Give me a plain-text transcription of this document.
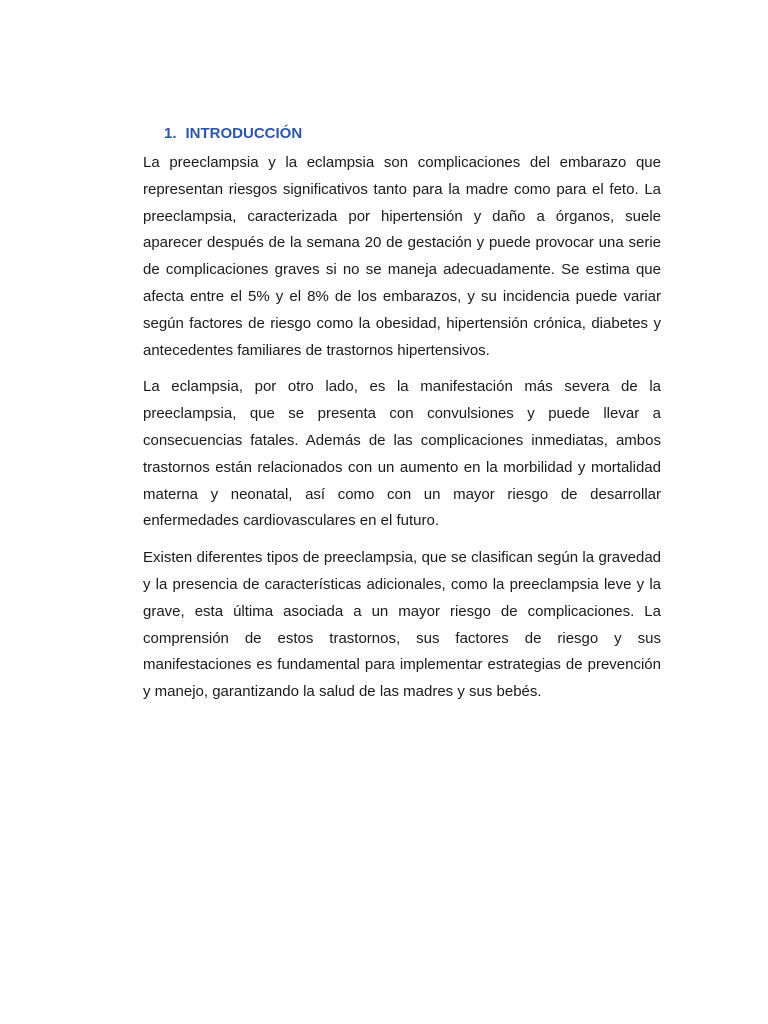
1. INTRODUCCIÓN

La preeclampsia y la eclampsia son complicaciones del embarazo que representan riesgos significativos tanto para la madre como para el feto. La preeclampsia, caracterizada por hipertensión y daño a órganos, suele aparecer después de la semana 20 de gestación y puede provocar una serie de complicaciones graves si no se maneja adecuadamente. Se estima que afecta entre el 5% y el 8% de los embarazos, y su incidencia puede variar según factores de riesgo como la obesidad, hipertensión crónica, diabetes y antecedentes familiares de trastornos hipertensivos.

La eclampsia, por otro lado, es la manifestación más severa de la preeclampsia, que se presenta con convulsiones y puede llevar a consecuencias fatales. Además de las complicaciones inmediatas, ambos trastornos están relacionados con un aumento en la morbilidad y mortalidad materna y neonatal, así como con un mayor riesgo de desarrollar enfermedades cardiovasculares en el futuro.

Existen diferentes tipos de preeclampsia, que se clasifican según la gravedad y la presencia de características adicionales, como la preeclampsia leve y la grave, esta última asociada a un mayor riesgo de complicaciones. La comprensión de estos trastornos, sus factores de riesgo y sus manifestaciones es fundamental para implementar estrategias de prevención y manejo, garantizando la salud de las madres y sus bebés.
